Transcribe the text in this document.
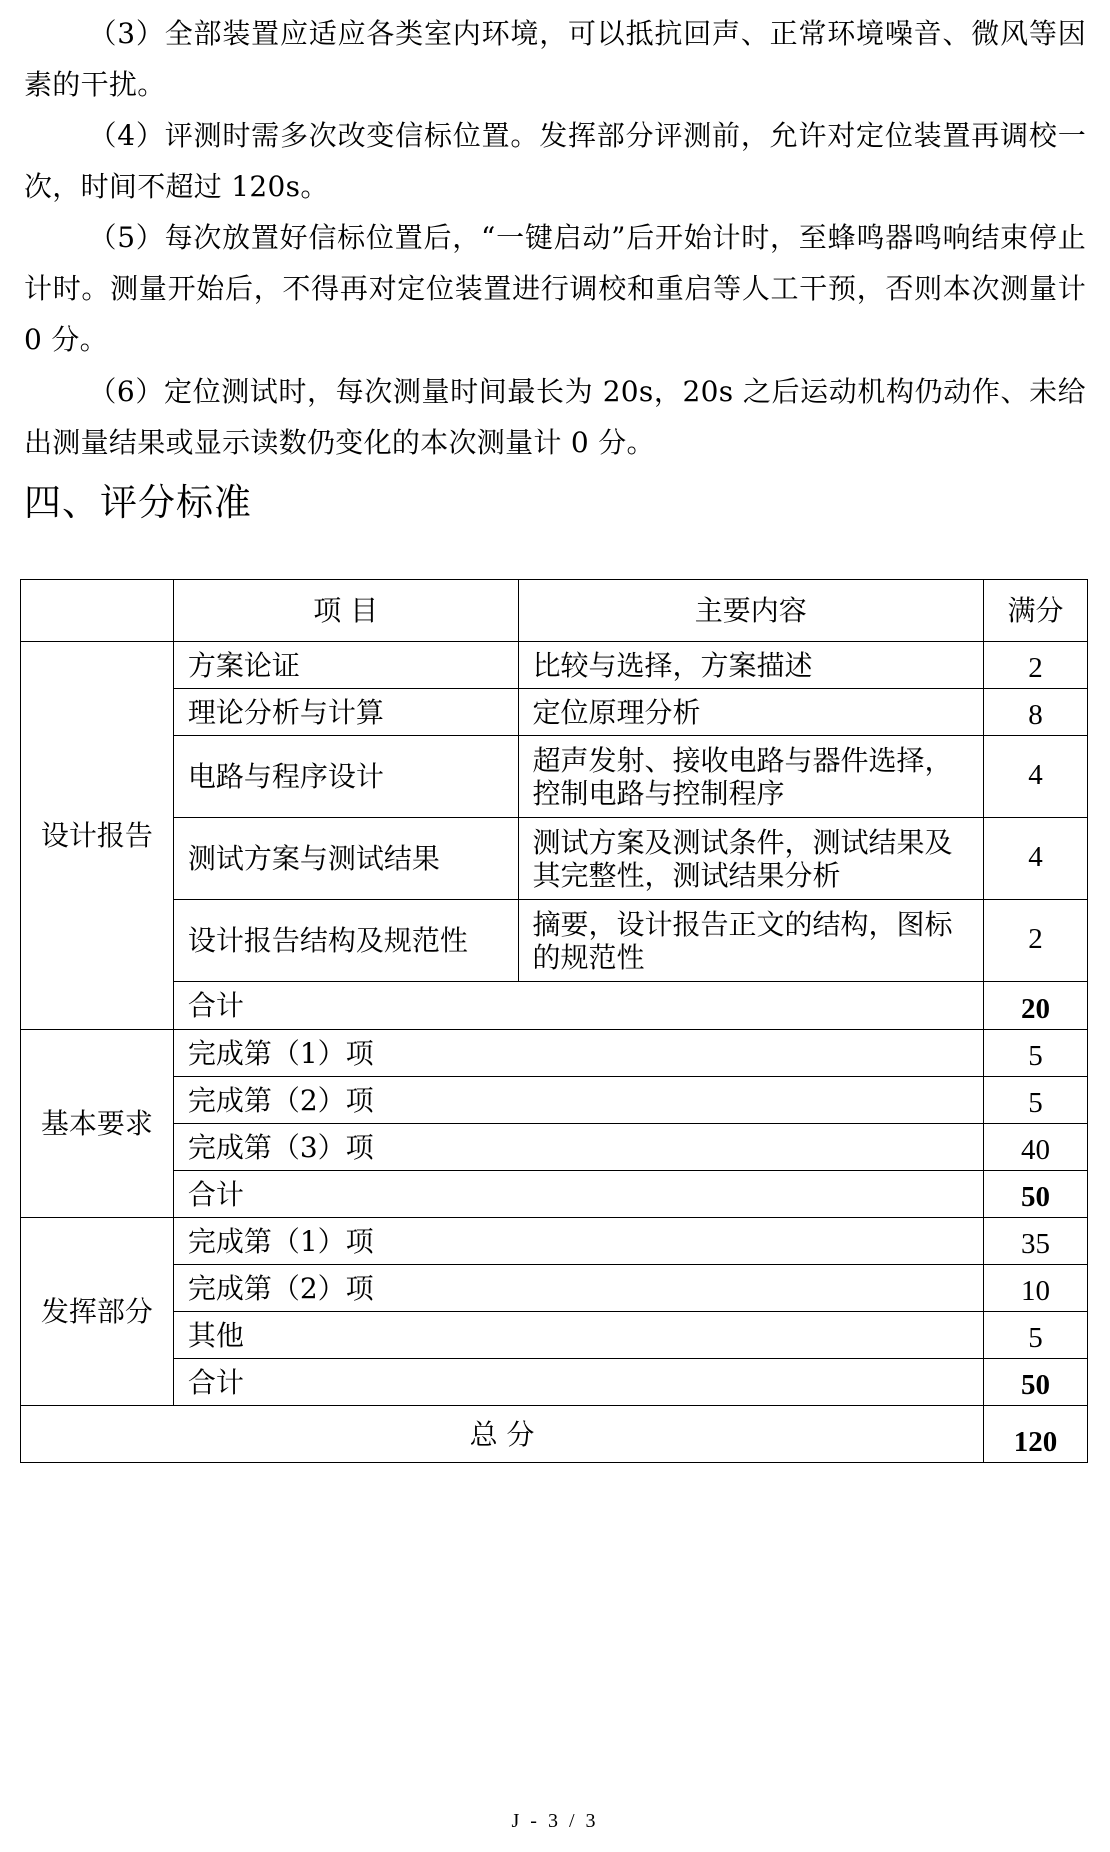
（3）全部装置应适应各类室内环境，可以抵抗回声、正常环境噪音、微风等因素的干扰。
（4）评测时需多次改变信标位置。发挥部分评测前，允许对定位装置再调校一次，时间不超过 120s。
（5）每次放置好信标位置后，“一键启动”后开始计时，至蜂鸣器鸣响结束停止计时。测量开始后，不得再对定位装置进行调校和重启等人工干预，否则本次测量计 0 分。
（6）定位测试时，每次测量时间最长为 20s，20s 之后运动机构仍动作、未给出测量结果或显示读数仍变化的本次测量计 0 分。
四、评分标准
	项 目	主要内容	满分
设计报告	方案论证	比较与选择，方案描述	2
	理论分析与计算	定位原理分析	8
	电路与程序设计	超声发射、接收电路与器件选择，控制电路与控制程序	4
	测试方案与测试结果	测试方案及测试条件，测试结果及其完整性，测试结果分析	4
	设计报告结构及规范性	摘要，设计报告正文的结构，图标的规范性	2
	合计		20
基本要求	完成第（1）项		5
	完成第（2）项		5
	完成第（3）项		40
	合计		50
发挥部分	完成第（1）项		35
	完成第（2）项		10
	其他		5
	合计		50
总 分			120
J - 3 / 3
